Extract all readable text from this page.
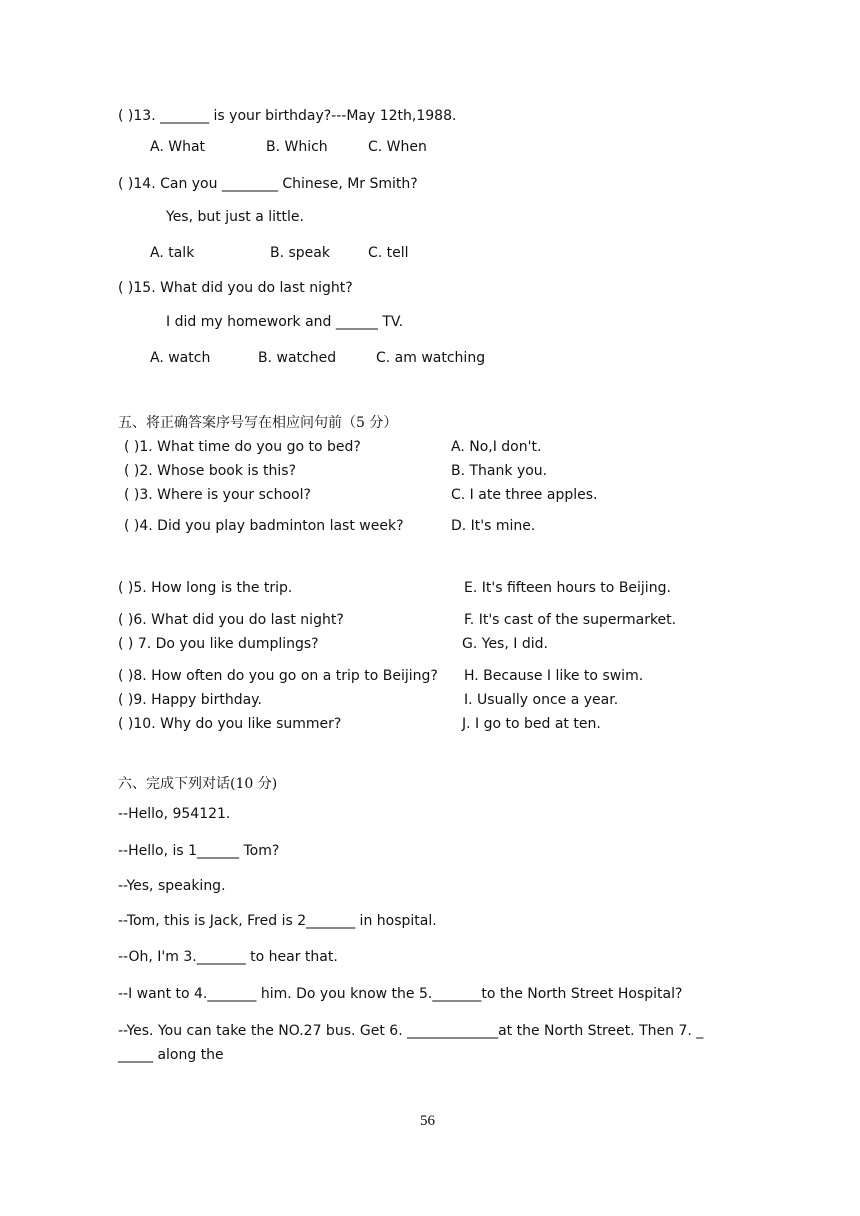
( )13. _______ is your birthday?---May 12th,1988.
A. What	B. Which	C. When
( )14. Can you ________ Chinese, Mr Smith?
Yes, but just a little.
A. talk	B. speak	C. tell
( )15. What did you do last night?
I did my homework and ______ TV.
A. watch	B. watched	C. am watching
五、将正确答案序号写在相应问句前（5 分）
( )1. What time do you go to bed?	A. No,I don't.
( )2. Whose book is this?	B. Thank you.
( )3. Where is your school?	C. I ate three apples.
( )4. Did you play badminton last week?	D. It's mine.
( )5. How long is the trip.	E. It's fifteen hours to Beijing.
( )6. What did you do last night?	F. It's cast of the supermarket.
( ) 7. Do you like dumplings?	G. Yes, I did.
( )8. How often do you go on a trip to Beijing? H. Because I like to swim.
( )9. Happy birthday.	I. Usually once a year.
( )10. Why do you like summer?	J. I go to bed at ten.
六、完成下列对话(10 分)
--Hello, 954121.
--Hello, is 1______ Tom?
--Yes, speaking.
--Tom, this is Jack, Fred is 2_______ in hospital.
--Oh, I'm 3._______ to hear that.
--I want to 4._______ him. Do you know the 5._______to the North Street Hospital?
--Yes. You can take the NO.27 bus. Get 6. _____________at the North Street. Then 7. _
_____ along the
56
